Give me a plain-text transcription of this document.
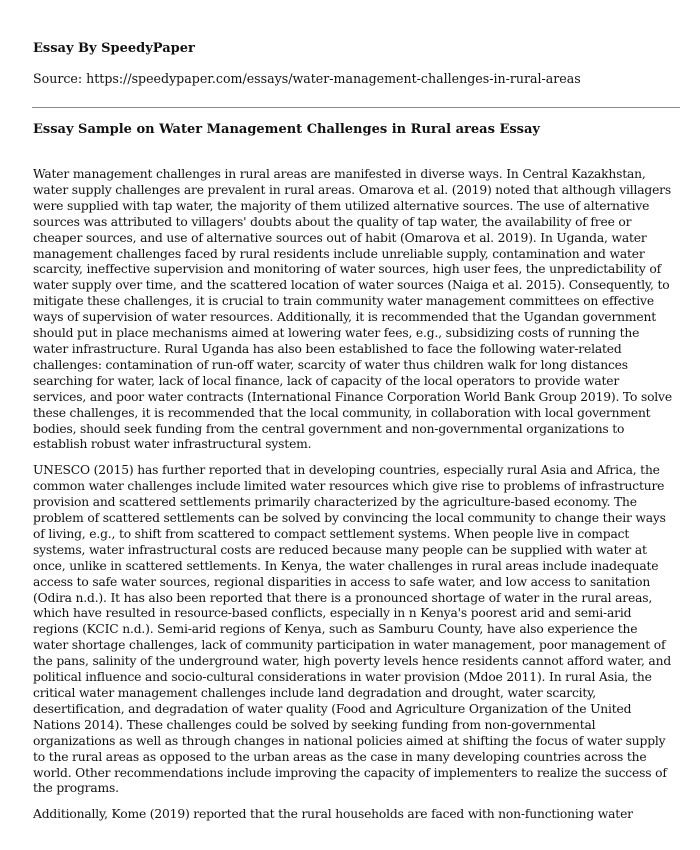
Essay By SpeedyPaper
Source: https://speedypaper.com/essays/water-management-challenges-in-rural-areas
Essay Sample on Water Management Challenges in Rural areas Essay

Water management challenges in rural areas are manifested in diverse ways. In Central Kazakhstan, water supply challenges are prevalent in rural areas. Omarova et al. (2019) noted that although villagers were supplied with tap water, the majority of them utilized alternative sources. The use of alternative sources was attributed to villagers' doubts about the quality of tap water, the availability of free or cheaper sources, and use of alternative sources out of habit (Omarova et al. 2019). In Uganda, water management challenges faced by rural residents include unreliable supply, contamination and water scarcity, ineffective supervision and monitoring of water sources, high user fees, the unpredictability of water supply over time, and the scattered location of water sources (Naiga et al. 2015). Consequently, to mitigate these challenges, it is crucial to train community water management committees on effective ways of supervision of water resources. Additionally, it is recommended that the Ugandan government should put in place mechanisms aimed at lowering water fees, e.g., subsidizing costs of running the water infrastructure. Rural Uganda has also been established to face the following water-related challenges: contamination of run-off water, scarcity of water thus children walk for long distances searching for water, lack of local finance, lack of capacity of the local operators to provide water services, and poor water contracts (International Finance Corporation World Bank Group 2019). To solve these challenges, it is recommended that the local community, in collaboration with local government bodies, should seek funding from the central government and non-governmental organizations to establish robust water infrastructural system.

UNESCO (2015) has further reported that in developing countries, especially rural Asia and Africa, the common water challenges include limited water resources which give rise to problems of infrastructure provision and scattered settlements primarily characterized by the agriculture-based economy. The problem of scattered settlements can be solved by convincing the local community to change their ways of living, e.g., to shift from scattered to compact settlement systems. When people live in compact systems, water infrastructural costs are reduced because many people can be supplied with water at once, unlike in scattered settlements. In Kenya, the water challenges in rural areas include inadequate access to safe water sources, regional disparities in access to safe water, and low access to sanitation (Odira n.d.). It has also been reported that there is a pronounced shortage of water in the rural areas, which have resulted in resource-based conflicts, especially in n Kenya's poorest arid and semi-arid regions (KCIC n.d.). Semi-arid regions of Kenya, such as Samburu County, have also experience the water shortage challenges, lack of community participation in water management, poor management of the pans, salinity of the underground water, high poverty levels hence residents cannot afford water, and political influence and socio-cultural considerations in water provision (Mdoe 2011). In rural Asia, the critical water management challenges include land degradation and drought, water scarcity, desertification, and degradation of water quality (Food and Agriculture Organization of the United Nations 2014). These challenges could be solved by seeking funding from non-governmental organizations as well as through changes in national policies aimed at shifting the focus of water supply to the rural areas as opposed to the urban areas as the case in many developing countries across the world. Other recommendations include improving the capacity of implementers to realize the success of the programs.

Additionally, Kome (2019) reported that the rural households are faced with non-functioning water
